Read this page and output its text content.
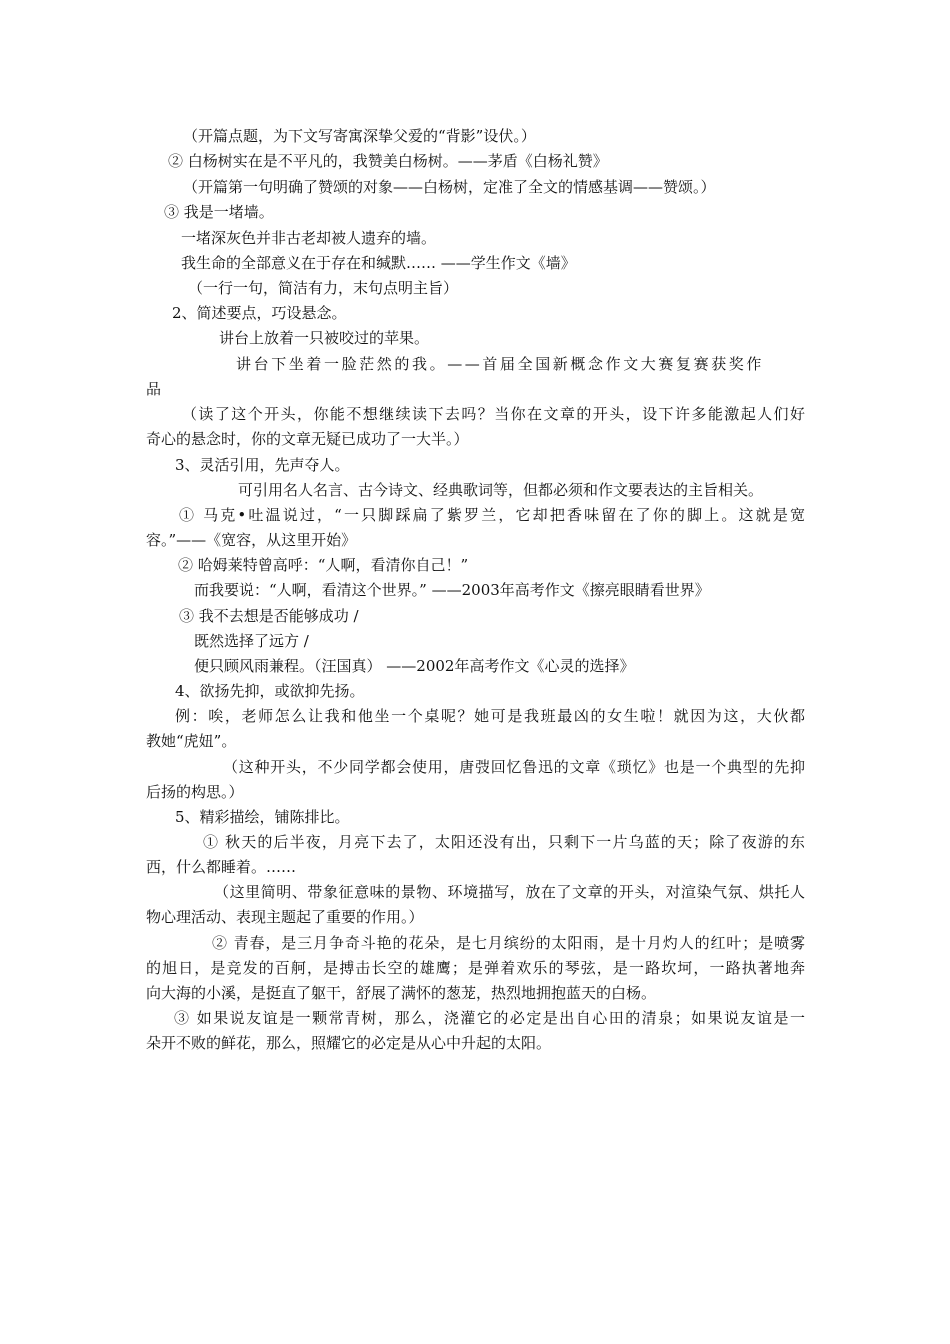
（开篇点题，为下文写寄寓深挚父爱的“背影”设伏。）
② 白杨树实在是不平凡的，我赞美白杨树。——茅盾《白杨礼赞》
（开篇第一句明确了赞颂的对象——白杨树，定准了全文的情感基调——赞颂。）
③ 我是一堵墙。
一堵深灰色并非古老却被人遗弃的墙。
我生命的全部意义在于存在和缄默…… ——学生作文《墙》
（一行一句，简洁有力，末句点明主旨）
2、简述要点，巧设悬念。
讲台上放着一只被咬过的苹果。
讲台下坐着一脸茫然的我。——首届全国新概念作文大赛复赛获奖作
品
（读了这个开头，你能不想继续读下去吗？当你在文章的开头，设下许多能激起人们好
奇心的悬念时，你的文章无疑已成功了一大半。）
3、灵活引用，先声夺人。
可引用名人名言、古今诗文、经典歌词等，但都必须和作文要表达的主旨相关。
① 马克•吐温说过，“一只脚踩扁了紫罗兰，它却把香味留在了你的脚上。这就是宽
容。”——《宽容，从这里开始》
② 哈姆莱特曾高呼：“人啊，看清你自己！”
而我要说：“人啊，看清这个世界。” ——2003年高考作文《擦亮眼睛看世界》
③ 我不去想是否能够成功 /
既然选择了远方 /
便只顾风雨兼程。（汪国真） ——2002年高考作文《心灵的选择》
4、欲扬先抑，或欲抑先扬。
例：唉，老师怎么让我和他坐一个桌呢？她可是我班最凶的女生啦！就因为这，大伙都
教她“虎妞”。
（这种开头，不少同学都会使用，唐弢回忆鲁迅的文章《琐忆》也是一个典型的先抑
后扬的构思。）
5、精彩描绘，铺陈排比。
① 秋天的后半夜，月亮下去了，太阳还没有出，只剩下一片乌蓝的天；除了夜游的东
西，什么都睡着。……
（这里简明、带象征意味的景物、环境描写，放在了文章的开头，对渲染气氛、烘托人
物心理活动、表现主题起了重要的作用。）
② 青春，是三月争奇斗艳的花朵，是七月缤纷的太阳雨，是十月灼人的红叶；是喷雾
的旭日，是竞发的百舸，是搏击长空的雄鹰；是弹着欢乐的琴弦，是一路坎坷，一路执著地奔
向大海的小溪，是挺直了躯干，舒展了满怀的葱茏，热烈地拥抱蓝天的白杨。
③ 如果说友谊是一颗常青树，那么，浇灌它的必定是出自心田的清泉；如果说友谊是一
朵开不败的鲜花，那么，照耀它的必定是从心中升起的太阳。
